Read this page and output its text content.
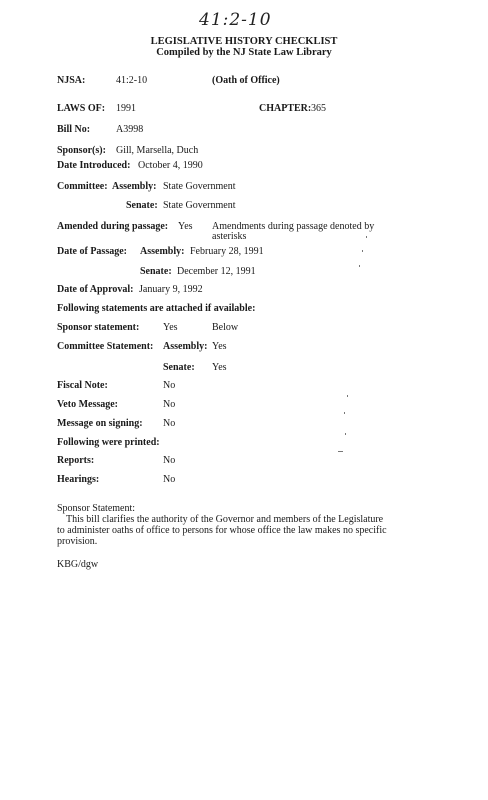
41:2-10
LEGISLATIVE HISTORY CHECKLIST
Compiled by the NJ State Law Library
NJSA:	41:2-10	(Oath of Office)
LAWS OF: 1991	CHAPTER: 365
Bill No:	A3998
Sponsor(s): Gill, Marsella, Duch
Date Introduced: October 4, 1990
Committee: Assembly: State Government
Senate: State Government
Amended during passage: Yes Amendments during passage denoted by
asterisks
Date of Passage: Assembly: February 28, 1991
Senate: December 12, 1991
Date of Approval: January 9, 1992
Following statements are attached if available:
Sponsor statement: Yes	Below
Committee Statement: Assembly: Yes
Senate: Yes
Fiscal Note:	No
Veto Message:	No
Message on signing: No
Following were printed:
Reports:	No
Hearings:	No
Sponsor Statement:
This bill clarifies the authority of the Governor and members of the Legislature
to administer oaths of office to persons for whose office the law makes no specific
provision.
KBG/dgw
